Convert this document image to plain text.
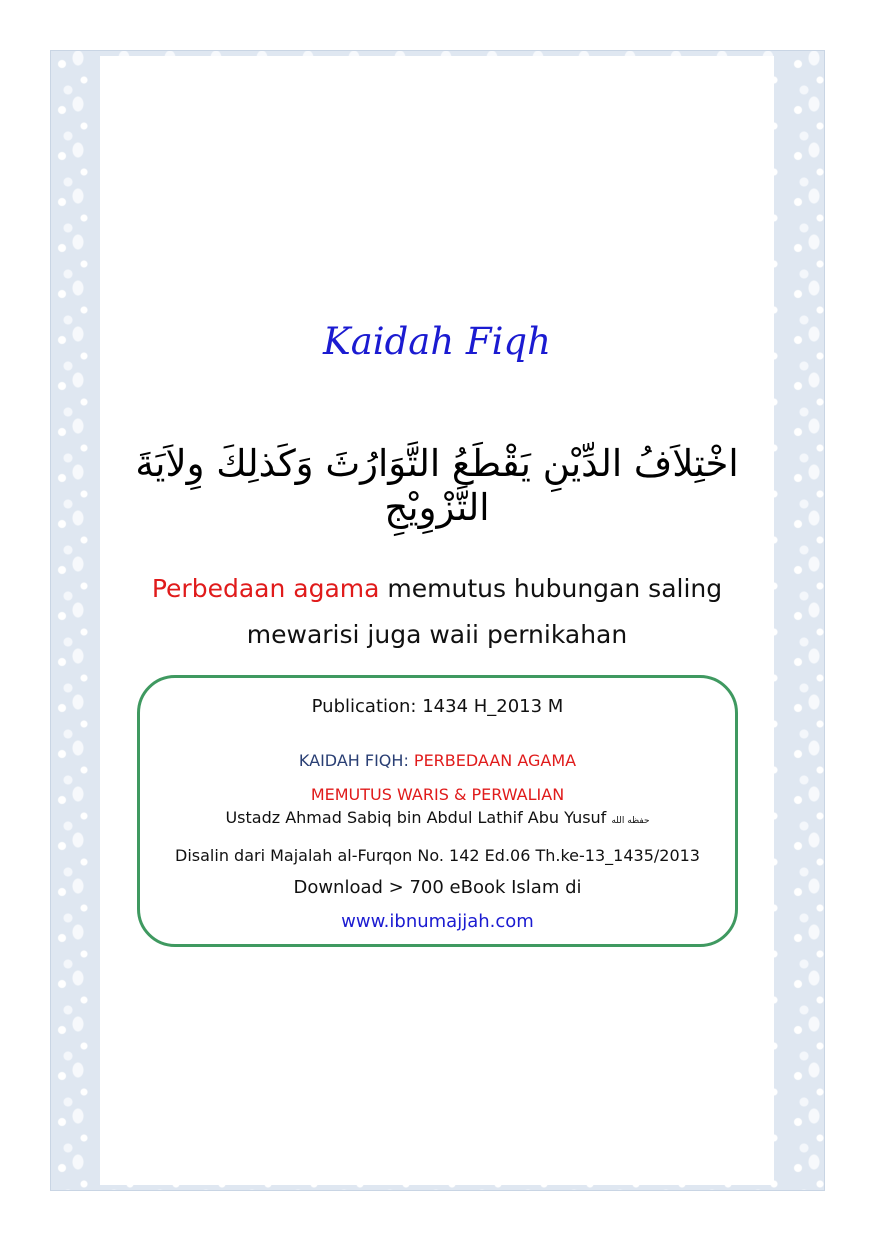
Kaidah Fiqh
اخْتِلاَفُ الدِّيْنِ يَقْطَعُ التَّوَارُثَ وَكَذلِكَ وِلاَيَةَ التَّزْوِيْجِ
Perbedaan agama memutus hubungan saling
mewarisi juga waii pernikahan
Publication: 1434 H_2013 M
KAIDAH FIQH: PERBEDAAN AGAMA
MEMUTUS WARIS & PERWALIAN
Ustadz Ahmad Sabiq bin Abdul Lathif Abu Yusuf حفظه الله
Disalin dari Majalah al-Furqon No. 142 Ed.06 Th.ke-13_1435/2013
Download > 700 eBook Islam di
www.ibnumajjah.com
